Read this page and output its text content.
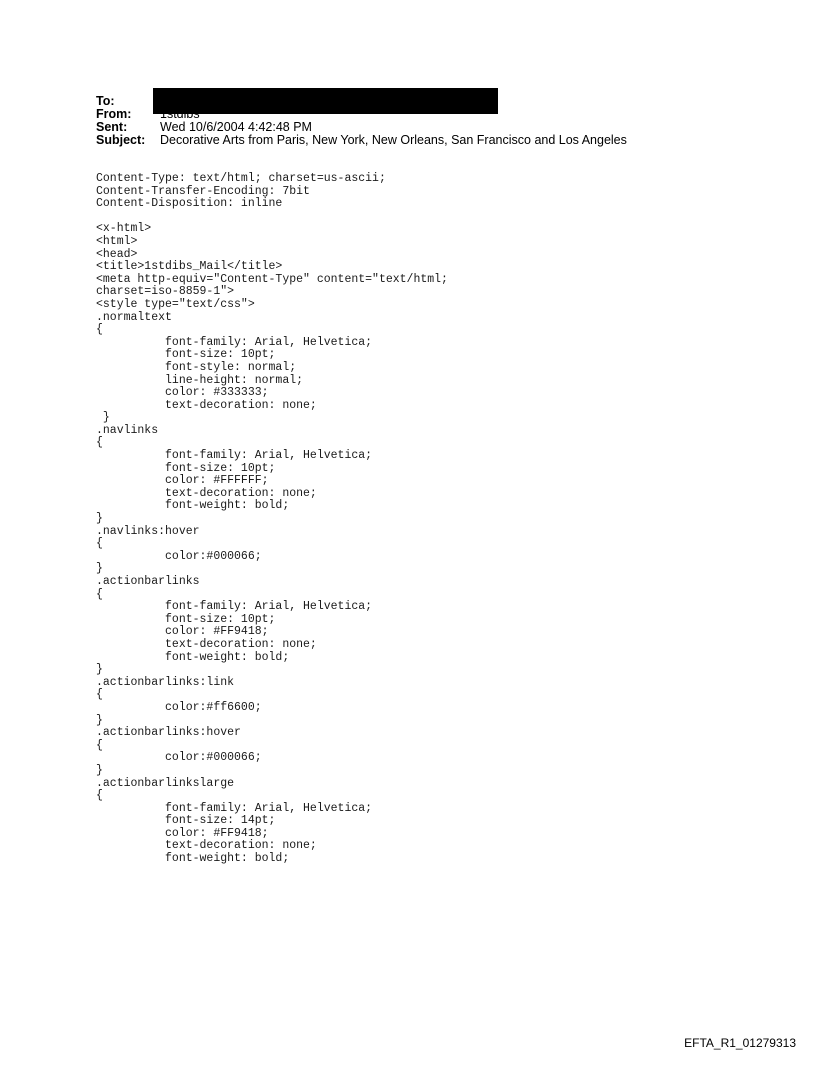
To:
From:	1stdibs
Sent:	Wed 10/6/2004 4:42:48 PM
Subject:	Decorative Arts from Paris, New York, New Orleans, San Francisco and Los Angeles
Content-Type: text/html; charset=us-ascii;
Content-Transfer-Encoding: 7bit
Content-Disposition: inline

<x-html>
<html>
<head>
<title>1stdibs_Mail</title>
<meta http-equiv="Content-Type" content="text/html;
charset=iso-8859-1">
<style type="text/css">
.normaltext
{
font-family: Arial, Helvetica;
font-size: 10pt;
font-style: normal;
line-height: normal;
color: #333333;
text-decoration: none;
}
.navlinks
{
font-family: Arial, Helvetica;
font-size: 10pt;
color: #FFFFFF;
text-decoration: none;
font-weight: bold;
}
.navlinks:hover
{
color:#000066;
}
.actionbarlinks
{
font-family: Arial, Helvetica;
font-size: 10pt;
color: #FF9418;
text-decoration: none;
font-weight: bold;
}
.actionbarlinks:link
{
color:#ff6600;
}
.actionbarlinks:hover
{
color:#000066;
}
.actionbarlinkslarge
{
font-family: Arial, Helvetica;
font-size: 14pt;
color: #FF9418;
text-decoration: none;
font-weight: bold;

EFTA_R1_01279313
